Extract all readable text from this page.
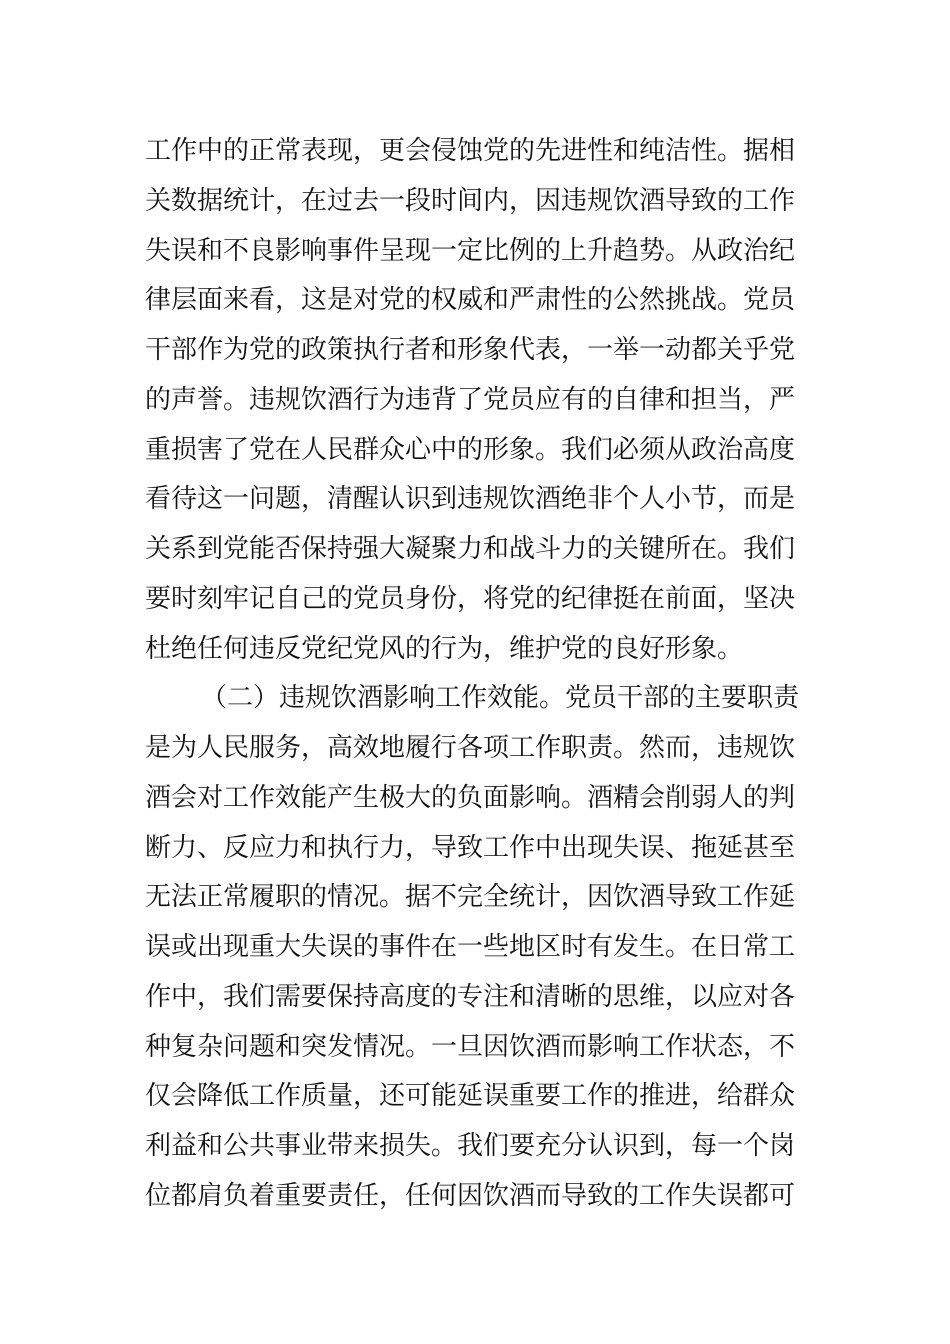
工作中的正常表现，更会侵蚀党的先进性和纯洁性。据相
关数据统计，在过去一段时间内，因违规饮酒导致的工作
失误和不良影响事件呈现一定比例的上升趋势。从政治纪
律层面来看，这是对党的权威和严肃性的公然挑战。党员
干部作为党的政策执行者和形象代表，一举一动都关乎党
的声誉。违规饮酒行为违背了党员应有的自律和担当，严
重损害了党在人民群众心中的形象。我们必须从政治高度
看待这一问题，清醒认识到违规饮酒绝非个人小节，而是
关系到党能否保持强大凝聚力和战斗力的关键所在。我们
要时刻牢记自己的党员身份，将党的纪律挺在前面，坚决
杜绝任何违反党纪党风的行为，维护党的良好形象。
（二）违规饮酒影响工作效能。党员干部的主要职责
是为人民服务，高效地履行各项工作职责。然而，违规饮
酒会对工作效能产生极大的负面影响。酒精会削弱人的判
断力、反应力和执行力，导致工作中出现失误、拖延甚至
无法正常履职的情况。据不完全统计，因饮酒导致工作延
误或出现重大失误的事件在一些地区时有发生。在日常工
作中，我们需要保持高度的专注和清晰的思维，以应对各
种复杂问题和突发情况。一旦因饮酒而影响工作状态，不
仅会降低工作质量，还可能延误重要工作的推进，给群众
利益和公共事业带来损失。我们要充分认识到，每一个岗
位都肩负着重要责任，任何因饮酒而导致的工作失误都可
